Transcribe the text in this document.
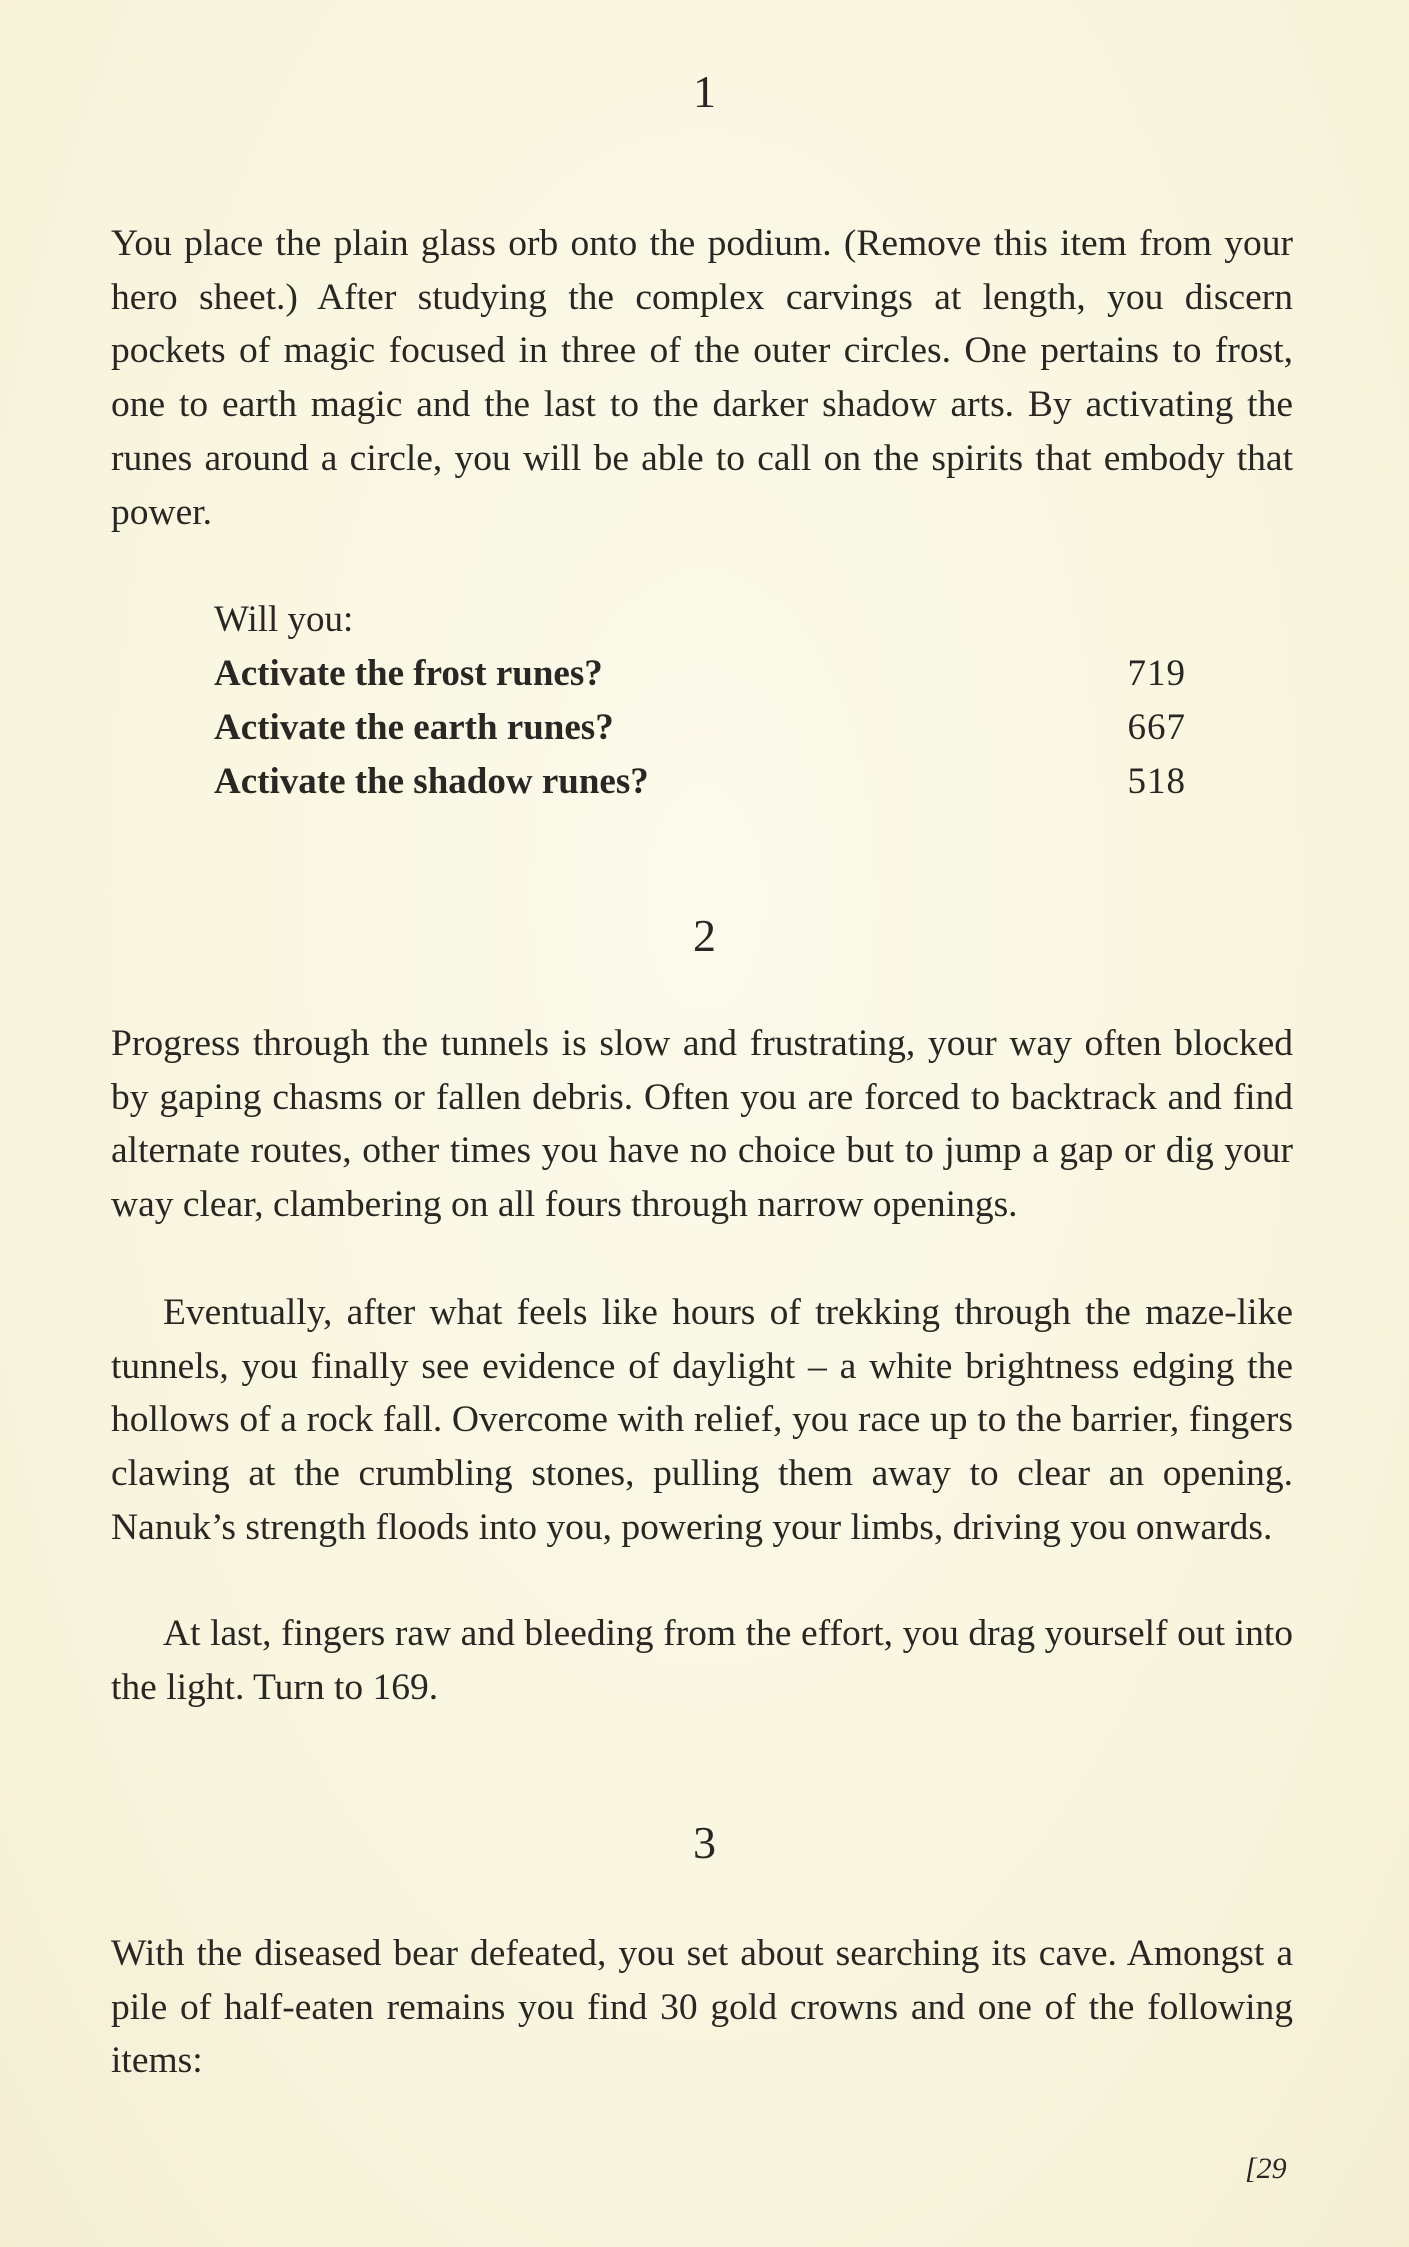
1

You place the plain glass orb onto the podium. (Remove this item from your hero sheet.) After studying the complex carvings at length, you discern pockets of magic focused in three of the outer circles. One pertains to frost, one to earth magic and the last to the darker shadow arts. By activating the runes around a circle, you will be able to call on the spirits that embody that power.

Will you:
Activate the frost runes?	719
Activate the earth runes?	667
Activate the shadow runes?	518
2

Progress through the tunnels is slow and frustrating, your way often blocked by gaping chasms or fallen debris. Often you are forced to backtrack and find alternate routes, other times you have no choice but to jump a gap or dig your way clear, clambering on all fours through narrow openings.

Eventually, after what feels like hours of trekking through the maze-like tunnels, you finally see evidence of daylight – a white brightness edging the hollows of a rock fall. Overcome with relief, you race up to the barrier, fingers clawing at the crumbling stones, pulling them away to clear an opening. Nanuk’s strength floods into you, powering your limbs, driving you onwards.

At last, fingers raw and bleeding from the effort, you drag yourself out into the light. Turn to 169.

3

With the diseased bear defeated, you set about searching its cave. Amongst a pile of half-eaten remains you find 30 gold crowns and one of the following items:

[29
